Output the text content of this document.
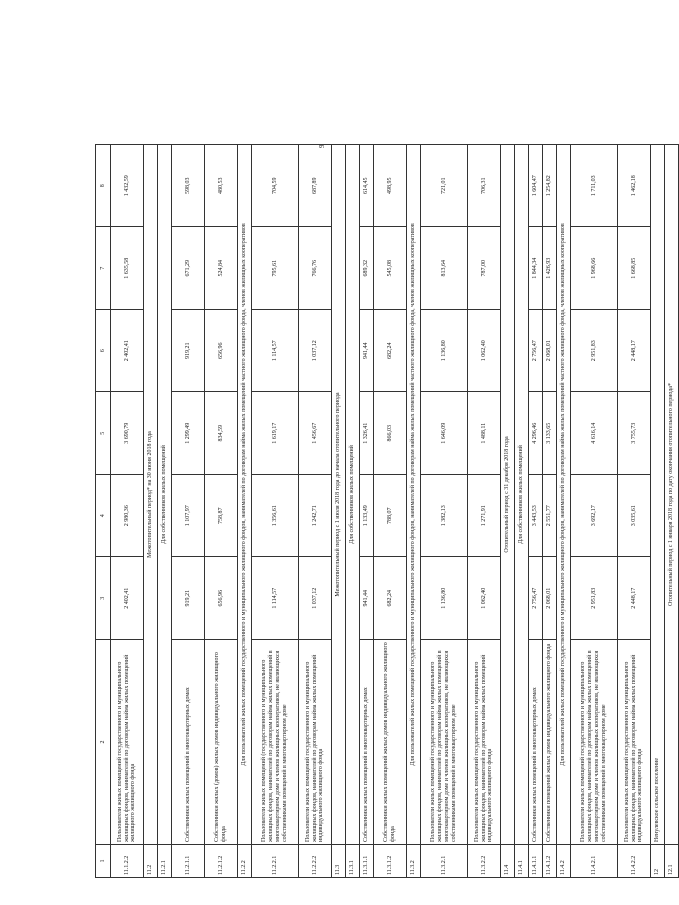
9
1	2	3	4	5	6	7	8
11.1.2.2	Пользователи жилых помещений государственного и муниципального жилищных фондов, нанимателей по договорам найма жилых помещений жилищного жилищного фонда	2 402,41	2 980,36	3 690,79	2 402,41	1 635,58	1 432,59
11.2	Межотопительный период* на 30 июня 2018 года						
11.2.1	Для собственников жилых помещений						
11.2.1.1	Собственники жилых помещений в многоквартирных домах	919,21	1 107,97	1 299,49	919,21	671,29	598,03
11.2.1.2	Собственники жилых (домов) жилых домов индивидуального жилищного фонда	656,96	758,87	834,59	656,96	524,84	480,53
11.2.2	Для пользователей жилых помещений государственного и муниципального жилищного фондов, нанимателей по договорам найма жилых помещений частного жилищного фонда, членов жилищных кооперативов						
11.2.2.1	Пользователи жилых помещений (государственного и муниципального жилищных фондов, нанимателей по договорам найма жилых помещений в многоквартирном доме и членов жилищных кооперативов, не являющихся собственниками помещений в многоквартирном доме	1 114,57	1 356,61	1 619,17	1 114,57	795,61	704,59
11.2.2.2	Пользователи жилых помещений государственного и муниципального жилищных фондов, нанимателей по договорам найма жилых помещений индивидуального жилищного фонда	1 037,12	1 242,71	1 456,67	1 037,12	766,76	687,89
11.3	Межотопительный период с 1 июля 2018 года до начала отопительного периода						
11.3.1	Для собственников жилых помещений						
11.3.1.1	Собственники жилых помещений в многоквартирных домах	941,44	1 133,49	1 326,41	941,44	689,32	614,45
11.3.1.2	Собственники жилых помещений жилых домов индивидуального жилищного фонда	682,24	788,07	866,03	682,24	545,08	498,95
11.3.2	Для пользователей жилых помещений государственного и муниципального жилищного фондов, нанимателей по договорам найма жилых помещений частного жилищного фонда, членов жилищных кооперативов						
11.3.2.1	Пользователи жилых помещений государственного и муниципального жилищных фондов, нанимателей по договорам найма жилых помещений в многоквартирном доме и членов жилищных кооперативов, не являющихся собственниками помещений в многоквартирном доме	1 136,80	1 382,13	1 646,09	1 136,80	813,64	721,01
11.3.2.2	Пользователи жилых помещений государственного и муниципального жилищных фондов, нанимателей по договорам найма жилых помещений индивидуального жилищного фонда	1 062,40	1 271,91	1 488,11	1 062,40	787,00	706,31
11.4	Отопительный период с 31 декабря 2018 года						
11.4.1	Для собственников жилых помещений						
11.4.1.1	Собственники жилых помещений в многоквартирных домах	2 756,47	3 443,53	4 296,46	2 756,47	1 844,34	1 604,47
11.4.1.2	Собственники помещений жилых домов индивидуального жилищного фонда	2 068,01	2 551,77	3 133,65	2 068,01	1 426,93	1 254,82
11.4.2	Для пользователей жилых помещений государственного и муниципального жилищного фондов, нанимателей по договорам найма жилых помещений частного жилищного фонда, членов жилищных кооперативов						
11.4.2.1	Пользователи жилых помещений государственного и муниципального жилищных фондов, нанимателей по договорам найма жилых помещений в многоквартирном доме и членов жилищных кооперативов, не являющихся собственниками помещений в многоквартирном доме	2 951,83	3 692,17	4 616,14	2 951,83	1 968,66	1 711,03
11.4.2.2	Пользователи жилых помещений государственного и муниципального жилищных фондов, нанимателей по договорам найма жилых помещений индивидуального жилищного фонда	2 448,17	3 035,61	3 755,73	2 448,17	1 668,85	1 462,18
12	Ненулевское сельское поселение						
12.1	Отопительный период с 1 января 2018 года по дату окончания отопительного периода*						
